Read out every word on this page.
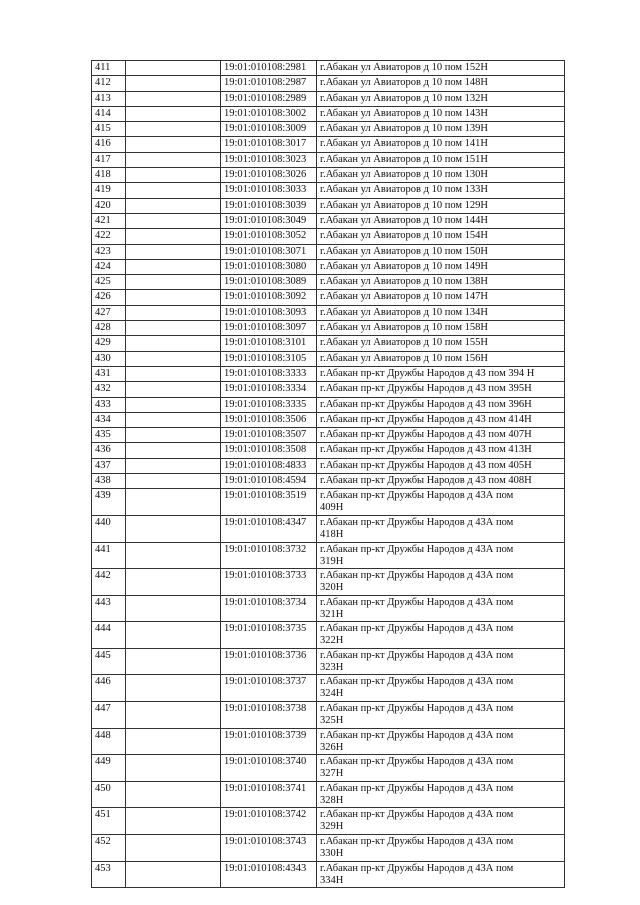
411		19:01:010108:2981	г.Абакан ул Авиаторов д 10 пом 152Н
412		19:01:010108:2987	г.Абакан ул Авиаторов д 10 пом 148Н
413		19:01:010108:2989	г.Абакан ул Авиаторов д 10 пом 132Н
414		19:01:010108:3002	г.Абакан ул Авиаторов д 10 пом 143Н
415		19:01:010108:3009	г.Абакан ул Авиаторов д 10 пом 139Н
416		19:01:010108:3017	г.Абакан ул Авиаторов д 10 пом 141Н
417		19:01:010108:3023	г.Абакан ул Авиаторов д 10 пом 151Н
418		19:01:010108:3026	г.Абакан ул Авиаторов д 10 пом 130Н
419		19:01:010108:3033	г.Абакан ул Авиаторов д 10 пом 133Н
420		19:01:010108:3039	г.Абакан ул Авиаторов д 10 пом 129Н
421		19:01:010108:3049	г.Абакан ул Авиаторов д 10 пом 144Н
422		19:01:010108:3052	г.Абакан ул Авиаторов д 10 пом 154Н
423		19:01:010108:3071	г.Абакан ул Авиаторов д 10 пом 150Н
424		19:01:010108:3080	г.Абакан ул Авиаторов д 10 пом 149Н
425		19:01:010108:3089	г.Абакан ул Авиаторов д 10 пом 138Н
426		19:01:010108:3092	г.Абакан ул Авиаторов д 10 пом 147Н
427		19:01:010108:3093	г.Абакан ул Авиаторов д 10 пом 134Н
428		19:01:010108:3097	г.Абакан ул Авиаторов д 10 пом 158Н
429		19:01:010108:3101	г.Абакан ул Авиаторов д 10 пом 155Н
430		19:01:010108:3105	г.Абакан ул Авиаторов д 10 пом 156Н
431		19:01:010108:3333	г.Абакан пр-кт Дружбы Народов д 43 пом 394 Н
432		19:01:010108:3334	г.Абакан пр-кт Дружбы Народов д 43 пом 395Н
433		19:01:010108:3335	г.Абакан пр-кт Дружбы Народов д 43 пом 396Н
434		19:01:010108:3506	г.Абакан пр-кт Дружбы Народов д 43 пом 414Н
435		19:01:010108:3507	г.Абакан пр-кт Дружбы Народов д 43 пом 407Н
436		19:01:010108:3508	г.Абакан пр-кт Дружбы Народов д 43 пом 413Н
437		19:01:010108:4833	г.Абакан пр-кт Дружбы Народов д 43 пом 405Н
438		19:01:010108:4594	г.Абакан пр-кт Дружбы Народов д 43 пом 408Н
439		19:01:010108:3519	г.Абакан пр-кт Дружбы Народов д 43А пом
409Н

440		19:01:010108:4347	г.Абакан пр-кт Дружбы Народов д 43А пом
418Н

441		19:01:010108:3732	г.Абакан пр-кт Дружбы Народов д 43А пом
319Н

442		19:01:010108:3733	г.Абакан пр-кт Дружбы Народов д 43А пом
320Н

443		19:01:010108:3734	г.Абакан пр-кт Дружбы Народов д 43А пом
321Н

444		19:01:010108:3735	г.Абакан пр-кт Дружбы Народов д 43А пом
322Н

445		19:01:010108:3736	г.Абакан пр-кт Дружбы Народов д 43А пом
323Н

446		19:01:010108:3737	г.Абакан пр-кт Дружбы Народов д 43А пом
324Н

447		19:01:010108:3738	г.Абакан пр-кт Дружбы Народов д 43А пом
325Н

448		19:01:010108:3739	г.Абакан пр-кт Дружбы Народов д 43А пом
326Н

449		19:01:010108:3740	г.Абакан пр-кт Дружбы Народов д 43А пом
327Н

450		19:01:010108:3741	г.Абакан пр-кт Дружбы Народов д 43А пом
328Н

451		19:01:010108:3742	г.Абакан пр-кт Дружбы Народов д 43А пом
329Н

452		19:01:010108:3743	г.Абакан пр-кт Дружбы Народов д 43А пом
330Н

453		19:01:010108:4343	г.Абакан пр-кт Дружбы Народов д 43А пом
334Н
